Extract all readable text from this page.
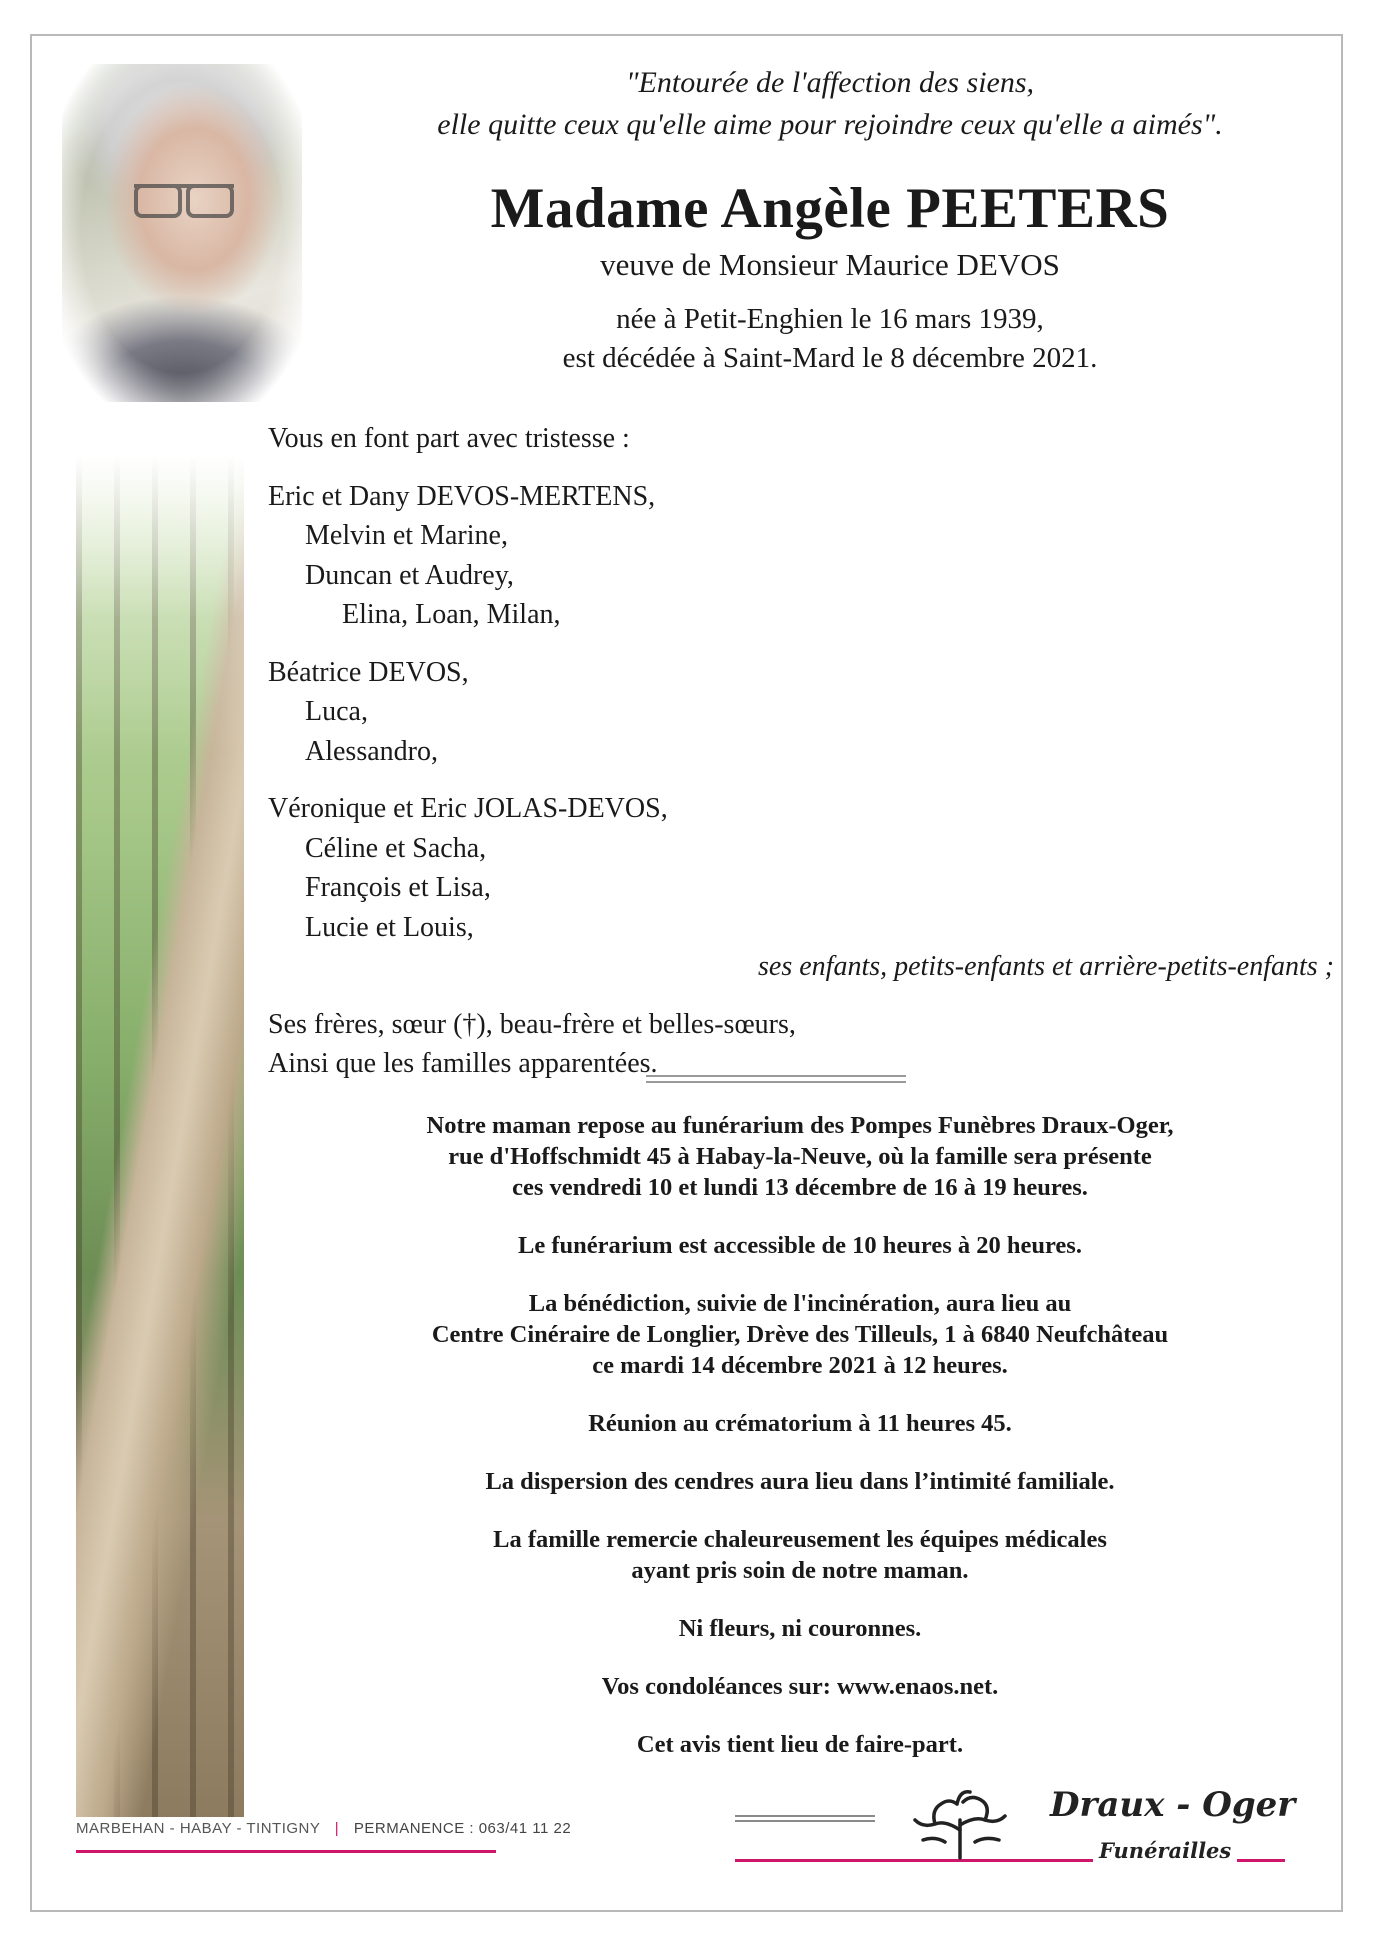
"Entourée de l'affection des siens,
elle quitte ceux qu'elle aime pour rejoindre ceux qu'elle a aimés".
Madame Angèle PEETERS
veuve de Monsieur Maurice DEVOS
née à Petit-Enghien le 16 mars 1939,
est décédée à Saint-Mard le 8 décembre 2021.
Vous en font part avec tristesse :
Eric et Dany DEVOS-MERTENS,
Melvin et Marine,
Duncan et Audrey,
Elina, Loan, Milan,
Béatrice DEVOS,
Luca,
Alessandro,
Véronique et Eric JOLAS-DEVOS,
Céline et Sacha,
François et Lisa,
Lucie et Louis,
ses enfants, petits-enfants et arrière-petits-enfants ;
Ses frères, sœur (†), beau-frère et belles-sœurs,
Ainsi que les familles apparentées.

Notre maman repose au funérarium des Pompes Funèbres Draux-Oger,
rue d'Hoffschmidt 45 à Habay-la-Neuve, où la famille sera présente
ces vendredi 10 et lundi 13 décembre de 16 à 19 heures.

Le funérarium est accessible de 10 heures à 20 heures.

La bénédiction, suivie de l'incinération, aura lieu au
Centre Cinéraire de Longlier, Drève des Tilleuls, 1 à 6840 Neufchâteau
ce mardi 14 décembre 2021 à 12 heures.

Réunion au crématorium à 11 heures 45.

La dispersion des cendres aura lieu dans l’intimité familiale.

La famille remercie chaleureusement les équipes médicales
ayant pris soin de notre maman.

Ni fleurs, ni couronnes.

Vos condoléances sur: www.enaos.net.

Cet avis tient lieu de faire-part.

MARBEHAN - HABAY - TINTIGNY | PERMANENCE : 063/41 11 22
Draux - Oger
Funérailles
